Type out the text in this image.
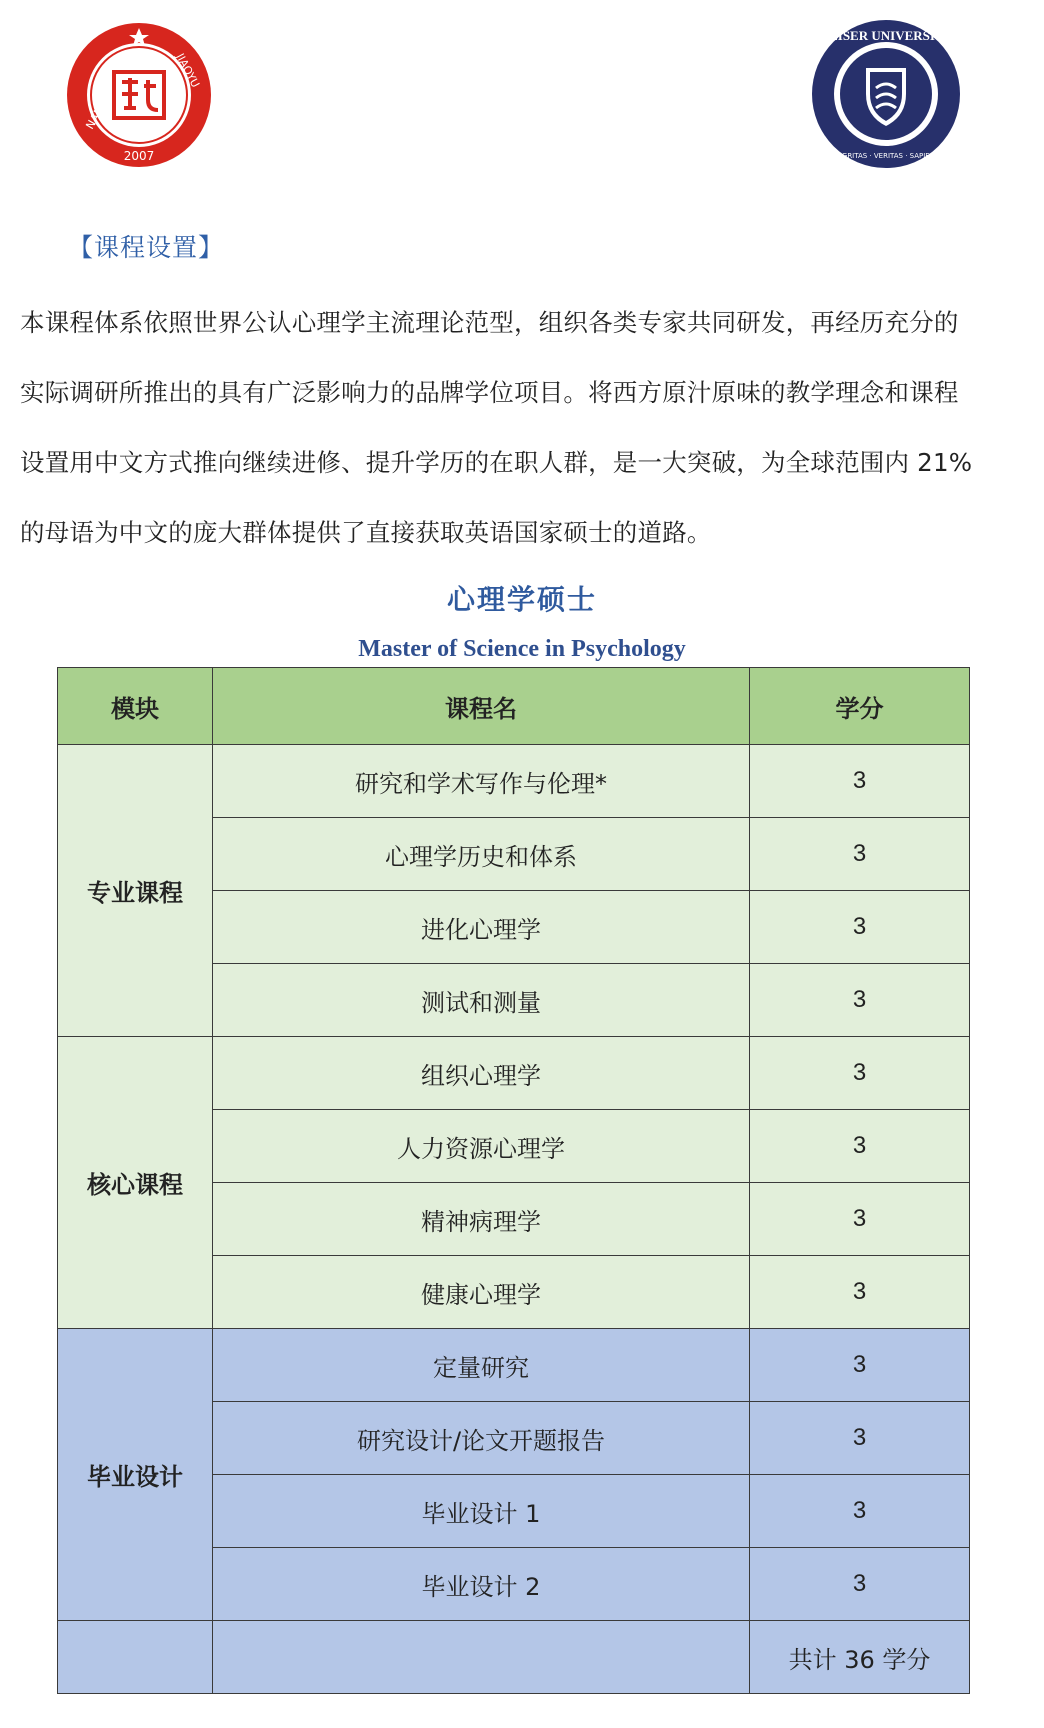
NANKONG
JIAOYU
2007
KEISER UNIVERSITY
INTEGRITAS · VERITAS · SAPIENTIA
【课程设置】

本课程体系依照世界公认心理学主流理论范型，组织各类专家共同研发，再经历充分的
实际调研所推出的具有广泛影响力的品牌学位项目。将西方原汁原味的教学理念和课程
设置用中文方式推向继续进修、提升学历的在职人群，是一大突破，为全球范围内 21%
的母语为中文的庞大群体提供了直接获取英语国家硕士的道路。

心理学硕士
Master of Science in Psychology
模块	课程名	学分
专业课程	研究和学术写作与伦理*	3
	心理学历史和体系	3
	进化心理学	3
	测试和测量	3
核心课程	组织心理学	3
	人力资源心理学	3
	精神病理学	3
	健康心理学	3
毕业设计	定量研究	3
	研究设计/论文开题报告	3
	毕业设计 1	3
	毕业设计 2	3
		共计 36 学分
